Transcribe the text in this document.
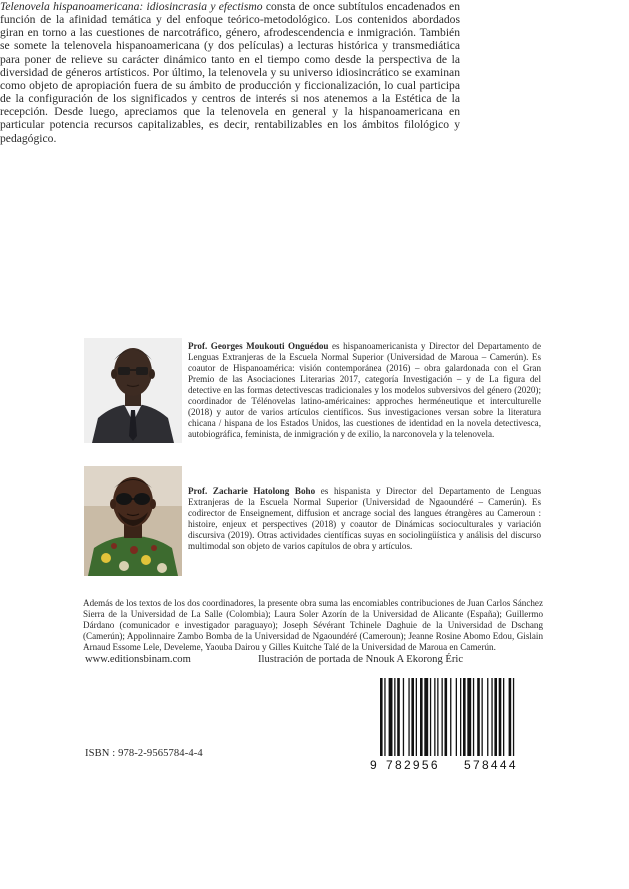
Telenovela hispanoamericana: idiosincrasia y efectismo consta de once subtítulos encadenados en función de la afinidad temática y del enfoque teórico-metodológico. Los contenidos abordados giran en torno a las cuestiones de narcotráfico, género, afrodescendencia e inmigración. También se somete la telenovela hispanoamericana (y dos películas) a lecturas histórica y transmediática para poner de relieve su carácter dinámico tanto en el tiempo como desde la perspectiva de la diversidad de géneros artísticos. Por último, la telenovela y su universo idiosincrático se examinan como objeto de apropiación fuera de su ámbito de producción y ficcionalización, lo cual participa de la configuración de los significados y centros de interés si nos atenemos a la Estética de la recepción. Desde luego, apreciamos que la telenovela en general y la hispanoamericana en particular potencia recursos capitalizables, es decir, rentabilizables en los ámbitos filológico y pedagógico.

Prof. Georges Moukouti Onguédou es hispanoamericanista y Director del Departamento de Lenguas Extranjeras de la Escuela Normal Superior (Universidad de Maroua – Camerún). Es coautor de Hispanoamérica: visión contemporánea (2016) – obra galardonada con el Gran Premio de las Asociaciones Literarias 2017, categoría Investigación – y de La figura del detective en las formas detectivescas tradicionales y los modelos subversivos del género (2020); coordinador de Télénovelas latino-américaines: approches herméneutique et interculturelle (2018) y autor de varios artículos científicos. Sus investigaciones versan sobre la literatura chicana / hispana de los Estados Unidos, las cuestiones de identidad en la novela detectivesca, autobiográfica, feminista, de inmigración y de exilio, la narconovela y la telenovela.

Prof. Zacharie Hatolong Boho es hispanista y Director del Departamento de Lenguas Extranjeras de la Escuela Normal Superior (Universidad de Ngaoundéré – Camerún). Es codirector de Enseignement, diffusion et ancrage social des langues étrangères au Cameroun : histoire, enjeux et perspectives (2018) y coautor de Dinámicas socioculturales y variación discursiva (2019). Otras actividades científicas suyas en sociolingüística y análisis del discurso multimodal son objeto de varios capítulos de obra y artículos.

Además de los textos de los dos coordinadores, la presente obra suma las encomiables contribuciones de Juan Carlos Sánchez Sierra de la Universidad de La Salle (Colombia); Laura Soler Azorín de la Universidad de Alicante (España); Guillermo Dárdano (comunicador e investigador paraguayo); Joseph Sévérant Tchinele Daghuie de la Universidad de Dschang (Camerún); Appolinnaire Zambo Bomba de la Universidad de Ngaoundéré (Cameroun); Jeanne Rosine Abomo Edou, Gislain Arnaud Essome Lele, Develeme, Yaouba Dairou y Gilles Kuitche Talé de la Universidad de Maroua en Camerún.

www.editionsbinam.com	Ilustración de portada de Nnouk A Ekorong Éric
ISBN : 978-2-9565784-4-4
9 782956 578444
